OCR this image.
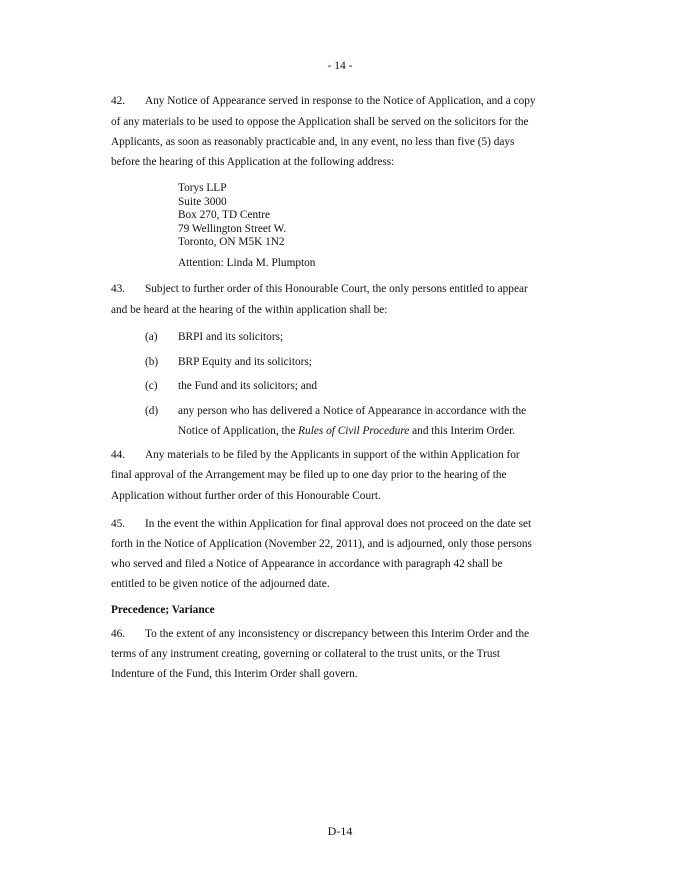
- 14 -
42. Any Notice of Appearance served in response to the Notice of Application, and a copy
of any materials to be used to oppose the Application shall be served on the solicitors for the
Applicants, as soon as reasonably practicable and, in any event, no less than five (5) days
before the hearing of this Application at the following address:
Torys LLP
Suite 3000
Box 270, TD Centre
79 Wellington Street W.
Toronto, ON M5K 1N2
Attention: Linda M. Plumpton
43. Subject to further order of this Honourable Court, the only persons entitled to appear
and be heard at the hearing of the within application shall be:
(a) BRPI and its solicitors;
(b) BRP Equity and its solicitors;
(c) the Fund and its solicitors; and
(d) any person who has delivered a Notice of Appearance in accordance with the
Notice of Application, the Rules of Civil Procedure and this Interim Order.
44. Any materials to be filed by the Applicants in support of the within Application for
final approval of the Arrangement may be filed up to one day prior to the hearing of the
Application without further order of this Honourable Court.
45. In the event the within Application for final approval does not proceed on the date set
forth in the Notice of Application (November 22, 2011), and is adjourned, only those persons
who served and filed a Notice of Appearance in accordance with paragraph 42 shall be
entitled to be given notice of the adjourned date.
Precedence; Variance
46. To the extent of any inconsistency or discrepancy between this Interim Order and the
terms of any instrument creating, governing or collateral to the trust units, or the Trust
Indenture of the Fund, this Interim Order shall govern.
D-14
